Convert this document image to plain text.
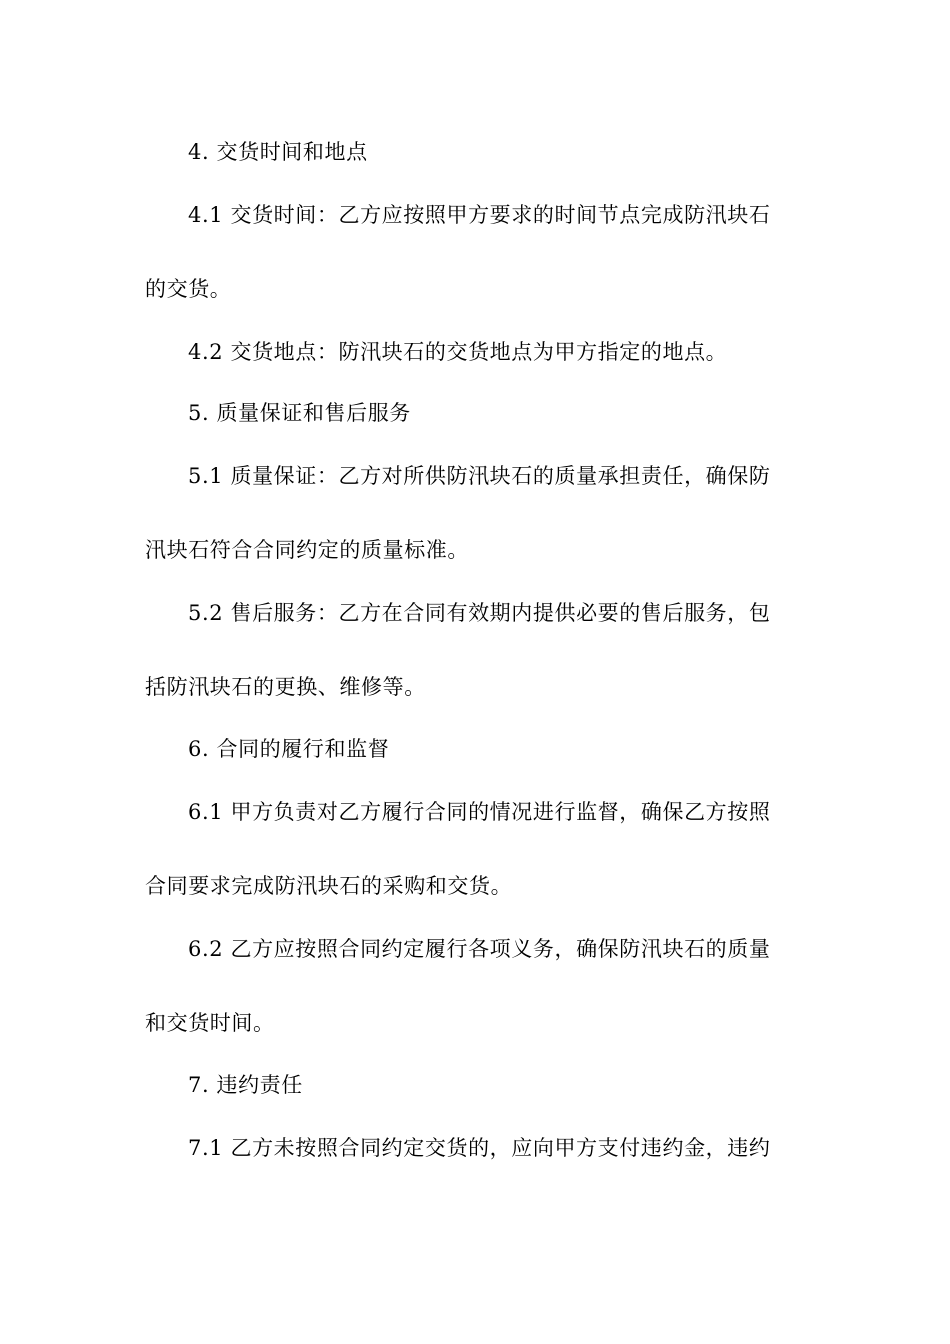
4. 交货时间和地点
4.1 交货时间：乙方应按照甲方要求的时间节点完成防汛块石
的交货。
4.2 交货地点：防汛块石的交货地点为甲方指定的地点。
5. 质量保证和售后服务
5.1 质量保证：乙方对所供防汛块石的质量承担责任，确保防
汛块石符合合同约定的质量标准。
5.2 售后服务：乙方在合同有效期内提供必要的售后服务，包
括防汛块石的更换、维修等。
6. 合同的履行和监督
6.1 甲方负责对乙方履行合同的情况进行监督，确保乙方按照
合同要求完成防汛块石的采购和交货。
6.2 乙方应按照合同约定履行各项义务，确保防汛块石的质量
和交货时间。
7. 违约责任
7.1 乙方未按照合同约定交货的，应向甲方支付违约金，违约
